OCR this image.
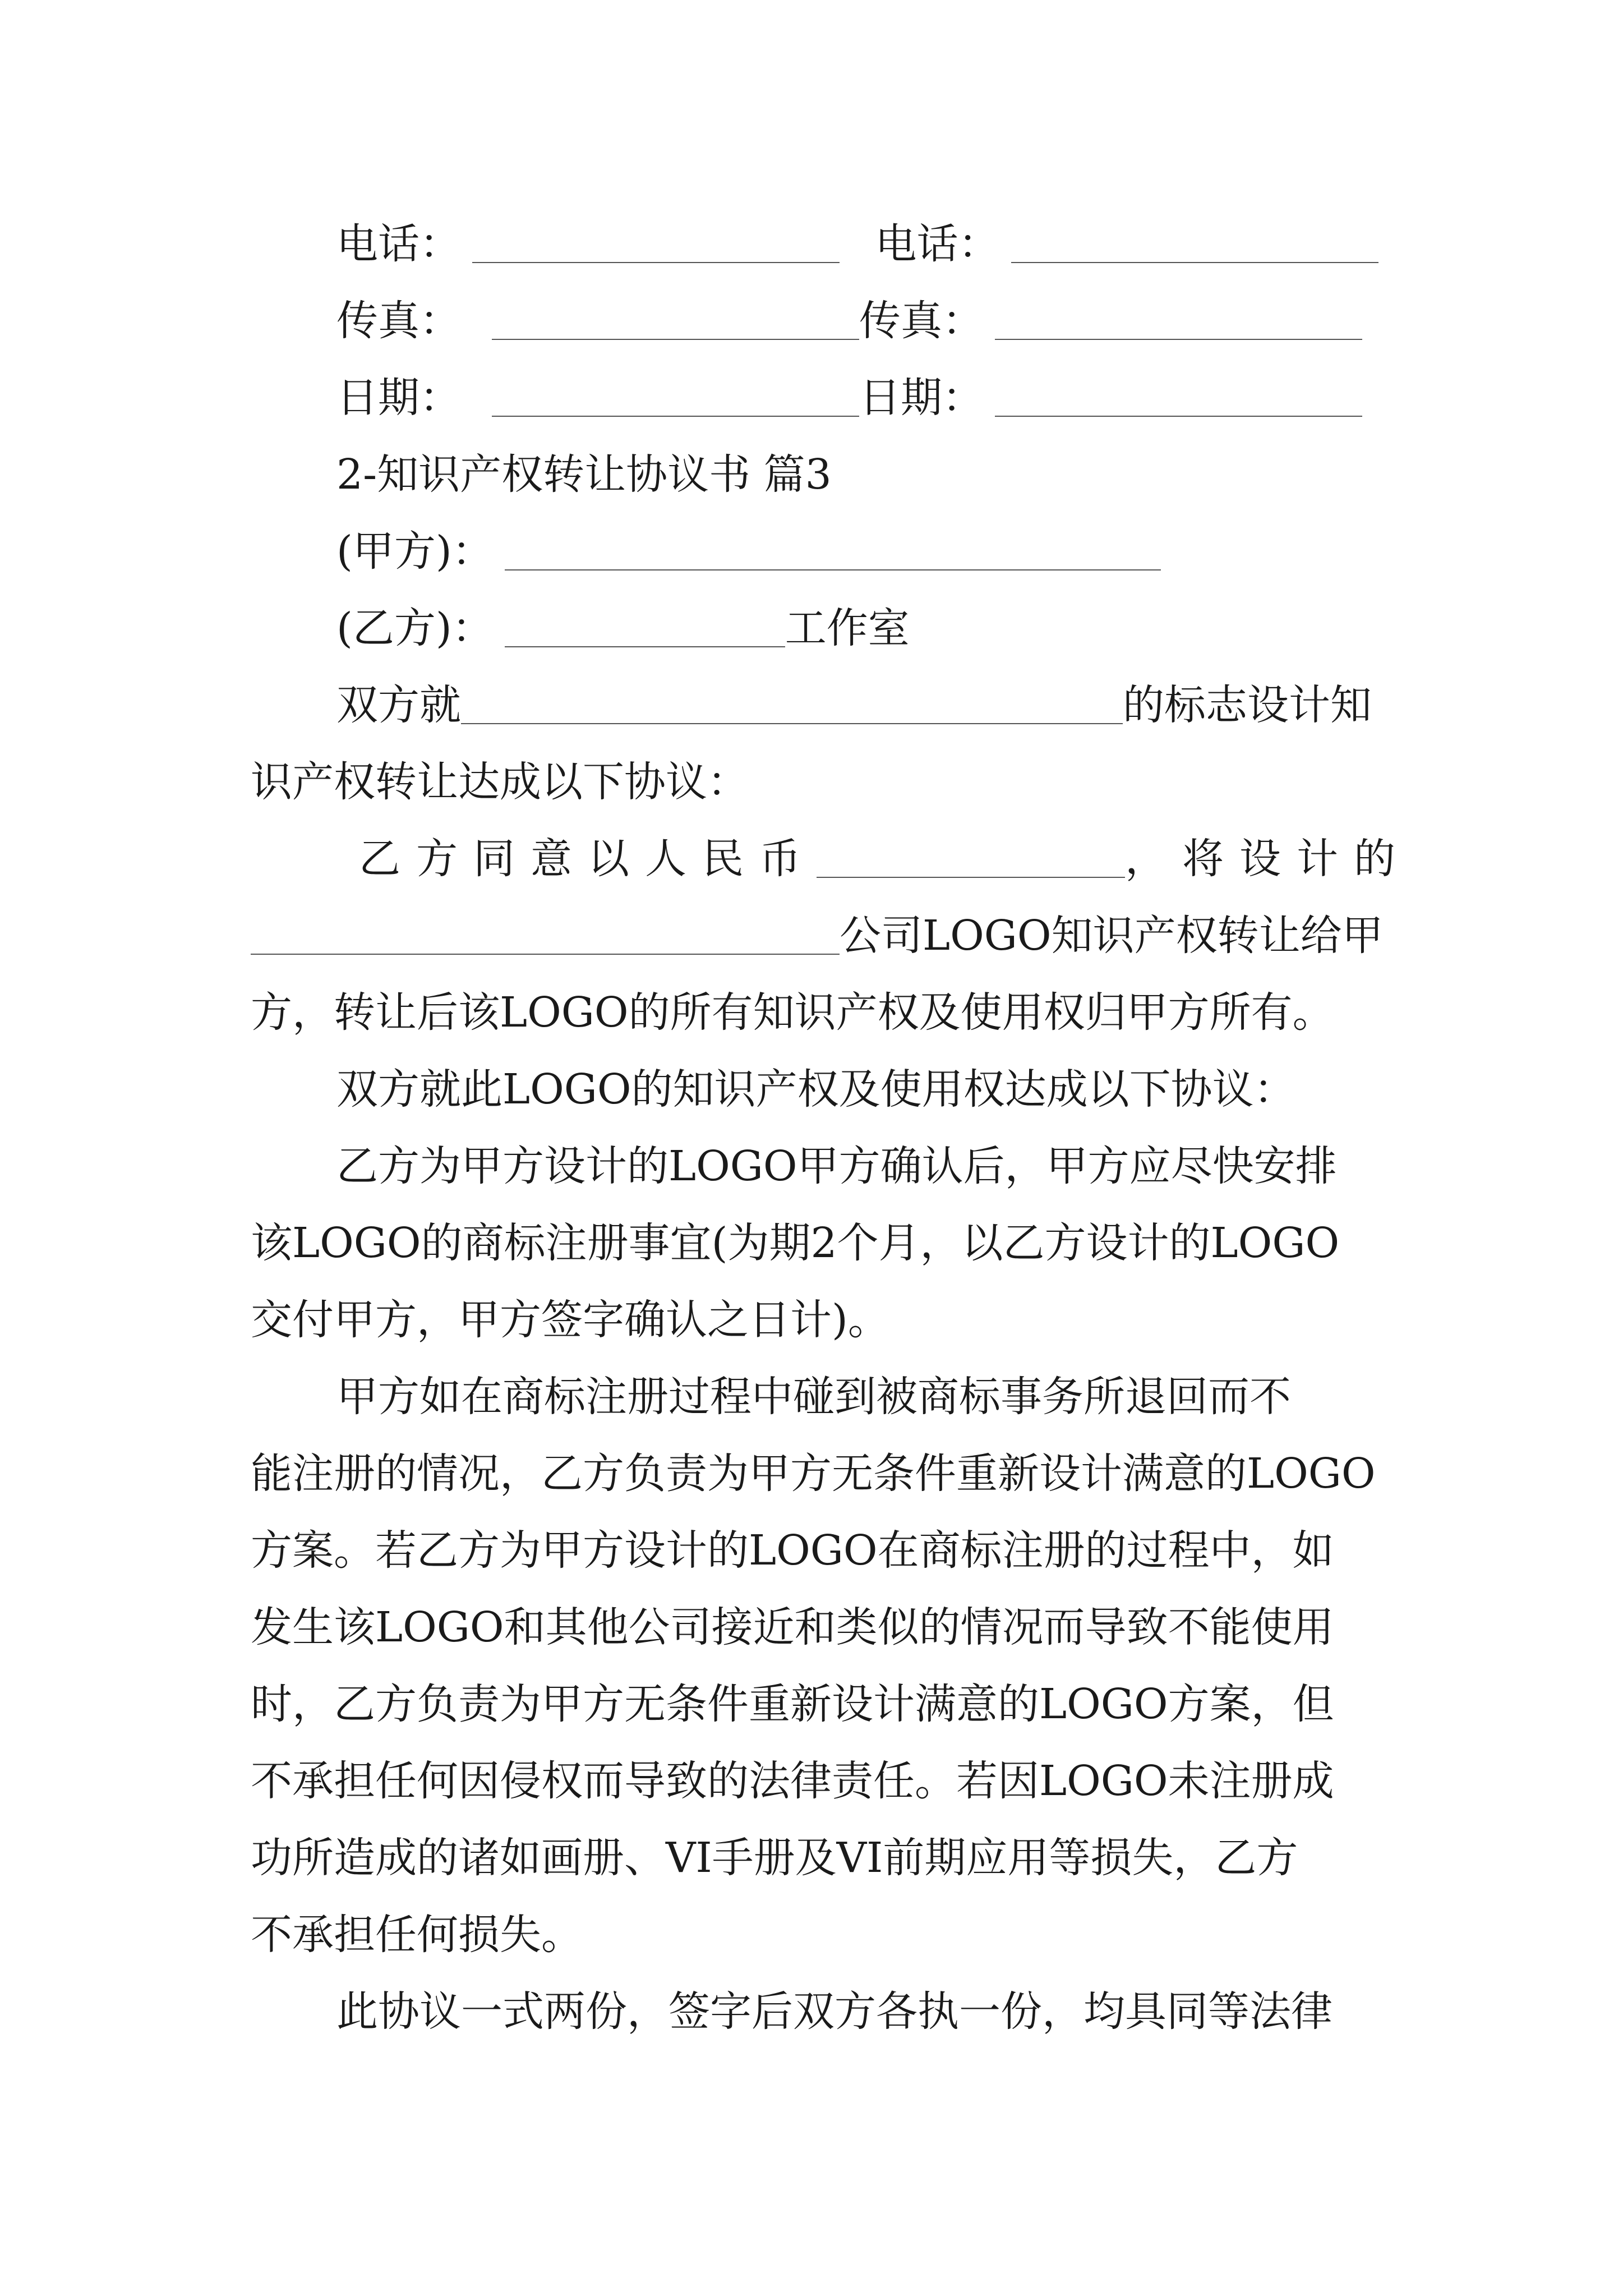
电话：	电话：
传真：	传真：
日期：	日期：
2-知识产权转让协议书 篇3
(甲方)：
(乙方)：	工作室
双方就	的标志设计知
识产权转让达成以下协议：
乙方同意以人民币	，将设计的
公司LOGO知识产权转让给甲
方，转让后该LOGO的所有知识产权及使用权归甲方所有。
双方就此LOGO的知识产权及使用权达成以下协议：
乙方为甲方设计的LOGO甲方确认后，甲方应尽快安排
该LOGO的商标注册事宜(为期2个月，以乙方设计的LOGO
交付甲方，甲方签字确认之日计)。
甲方如在商标注册过程中碰到被商标事务所退回而不
能注册的情况，乙方负责为甲方无条件重新设计满意的LOGO
方案。若乙方为甲方设计的LOGO在商标注册的过程中，如
发生该LOGO和其他公司接近和类似的情况而导致不能使用
时，乙方负责为甲方无条件重新设计满意的LOGO方案，但
不承担任何因侵权而导致的法律责任。若因LOGO未注册成
功所造成的诸如画册、VI手册及VI前期应用等损失，乙方
不承担任何损失。
此协议一式两份，签字后双方各执一份，均具同等法律
